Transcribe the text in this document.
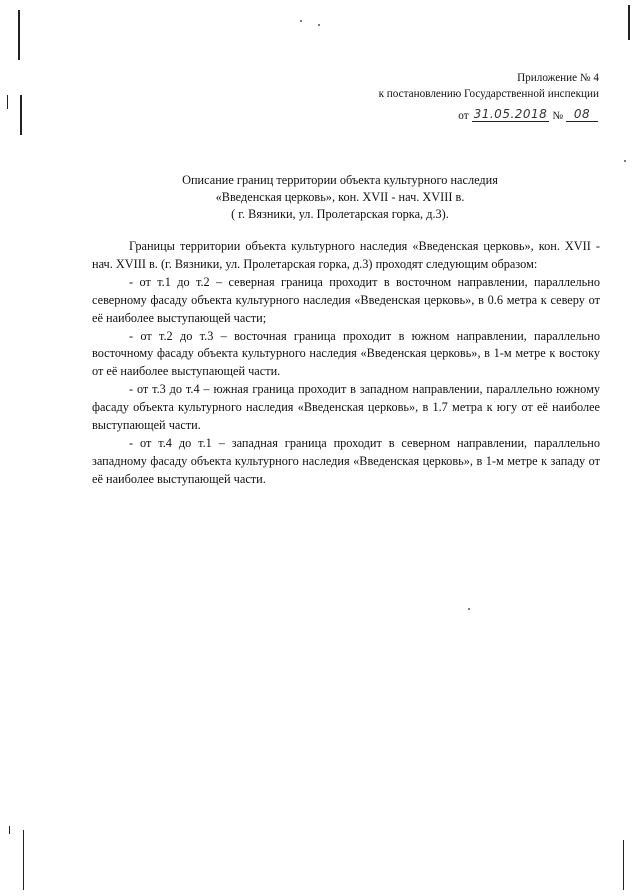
Приложение № 4
к постановлению Государственной инспекции
от 31.05.2018 № 08
Описание границ территории объекта культурного наследия
«Введенская церковь», кон. XVII - нач. XVIII в.
( г. Вязники, ул. Пролетарская горка, д.3).

Границы территории объекта культурного наследия «Введенская церковь», кон. XVII - нач. XVIII в. (г. Вязники, ул. Пролетарская горка, д.3) проходят следующим образом:

- от т.1 до т.2 – северная граница проходит в восточном направлении, параллельно северному фасаду объекта культурного наследия «Введенская церковь», в 0.6 метра к северу от её наиболее выступающей части;

- от т.2 до т.3 – восточная граница проходит в южном направлении, параллельно восточному фасаду объекта культурного наследия «Введенская церковь», в 1-м метре к востоку от её наиболее выступающей части.

- от т.3 до т.4 – южная граница проходит в западном направлении, параллельно южному фасаду объекта культурного наследия «Введенская церковь», в 1.7 метра к югу от её наиболее выступающей части.

- от т.4 до т.1 – западная граница проходит в северном направлении, параллельно западному фасаду объекта культурного наследия «Введенская церковь», в 1-м метре к западу от её наиболее выступающей части.
